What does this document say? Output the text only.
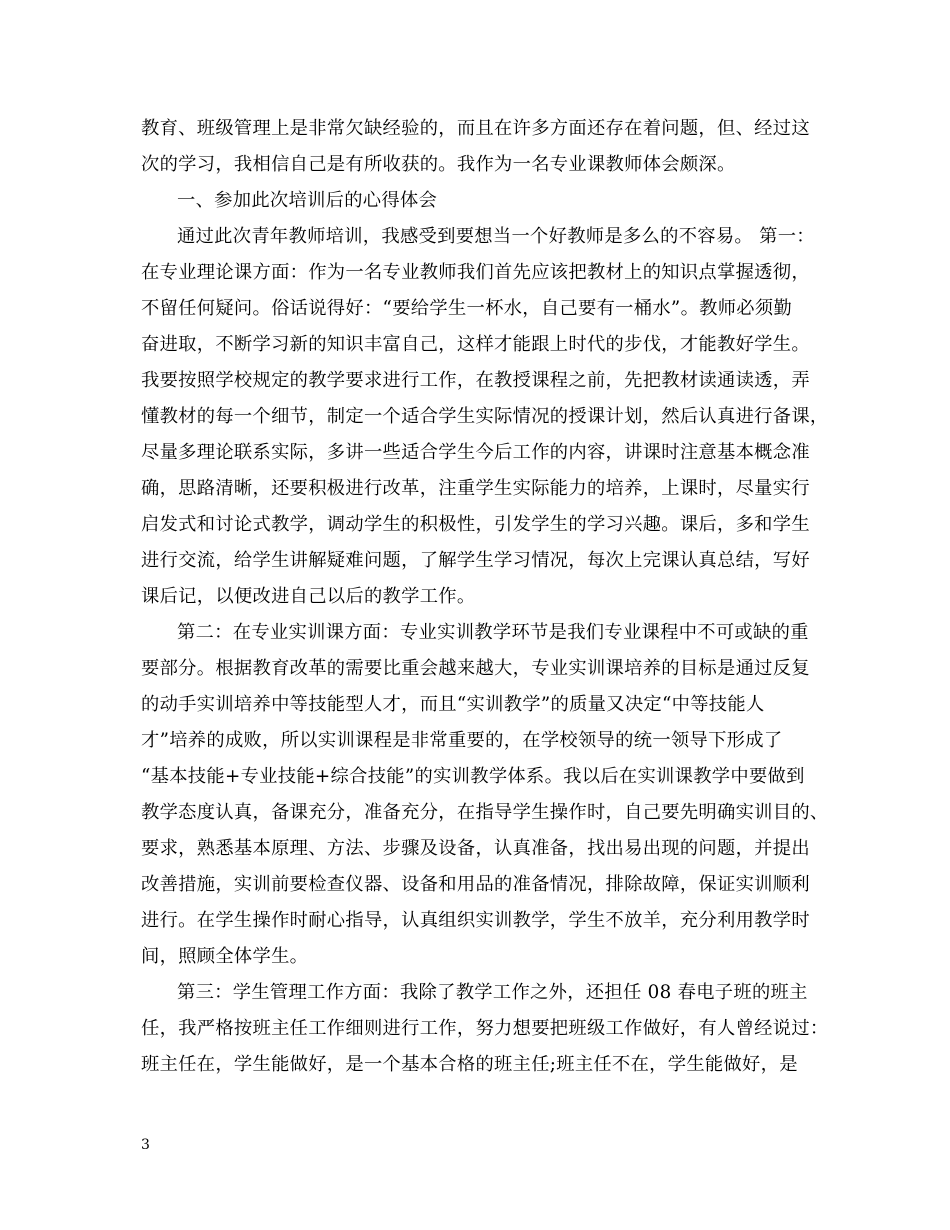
教育、班级管理上是非常欠缺经验的，而且在许多方面还存在着问题，但、经过这
次的学习，我相信自己是有所收获的。我作为一名专业课教师体会颇深。
一、参加此次培训后的心得体会
通过此次青年教师培训，我感受到要想当一个好教师是多么的不容易。 第一：
在专业理论课方面：作为一名专业教师我们首先应该把教材上的知识点掌握透彻，
不留任何疑问。俗话说得好：“要给学生一杯水，自己要有一桶水”。教师必须勤
奋进取，不断学习新的知识丰富自己，这样才能跟上时代的步伐，才能教好学生。
我要按照学校规定的教学要求进行工作，在教授课程之前，先把教材读通读透，弄
懂教材的每一个细节，制定一个适合学生实际情况的授课计划，然后认真进行备课，
尽量多理论联系实际，多讲一些适合学生今后工作的内容，讲课时注意基本概念准
确，思路清晰，还要积极进行改革，注重学生实际能力的培养，上课时，尽量实行
启发式和讨论式教学，调动学生的积极性，引发学生的学习兴趣。课后，多和学生
进行交流，给学生讲解疑难问题，了解学生学习情况，每次上完课认真总结，写好
课后记，以便改进自己以后的教学工作。
第二：在专业实训课方面：专业实训教学环节是我们专业课程中不可或缺的重
要部分。根据教育改革的需要比重会越来越大，专业实训课培养的目标是通过反复
的动手实训培养中等技能型人才，而且“实训教学”的质量又决定“中等技能人
才”培养的成败，所以实训课程是非常重要的，在学校领导的统一领导下形成了
“基本技能+专业技能+综合技能”的实训教学体系。我以后在实训课教学中要做到
教学态度认真，备课充分，准备充分，在指导学生操作时，自己要先明确实训目的、
要求，熟悉基本原理、方法、步骤及设备，认真准备，找出易出现的问题，并提出
改善措施，实训前要检查仪器、设备和用品的准备情况，排除故障，保证实训顺利
进行。在学生操作时耐心指导，认真组织实训教学，学生不放羊，充分利用教学时
间，照顾全体学生。
第三：学生管理工作方面：我除了教学工作之外，还担任 08 春电子班的班主
任，我严格按班主任工作细则进行工作，努力想要把班级工作做好，有人曾经说过：
班主任在，学生能做好，是一个基本合格的班主任;班主任不在，学生能做好，是
3
